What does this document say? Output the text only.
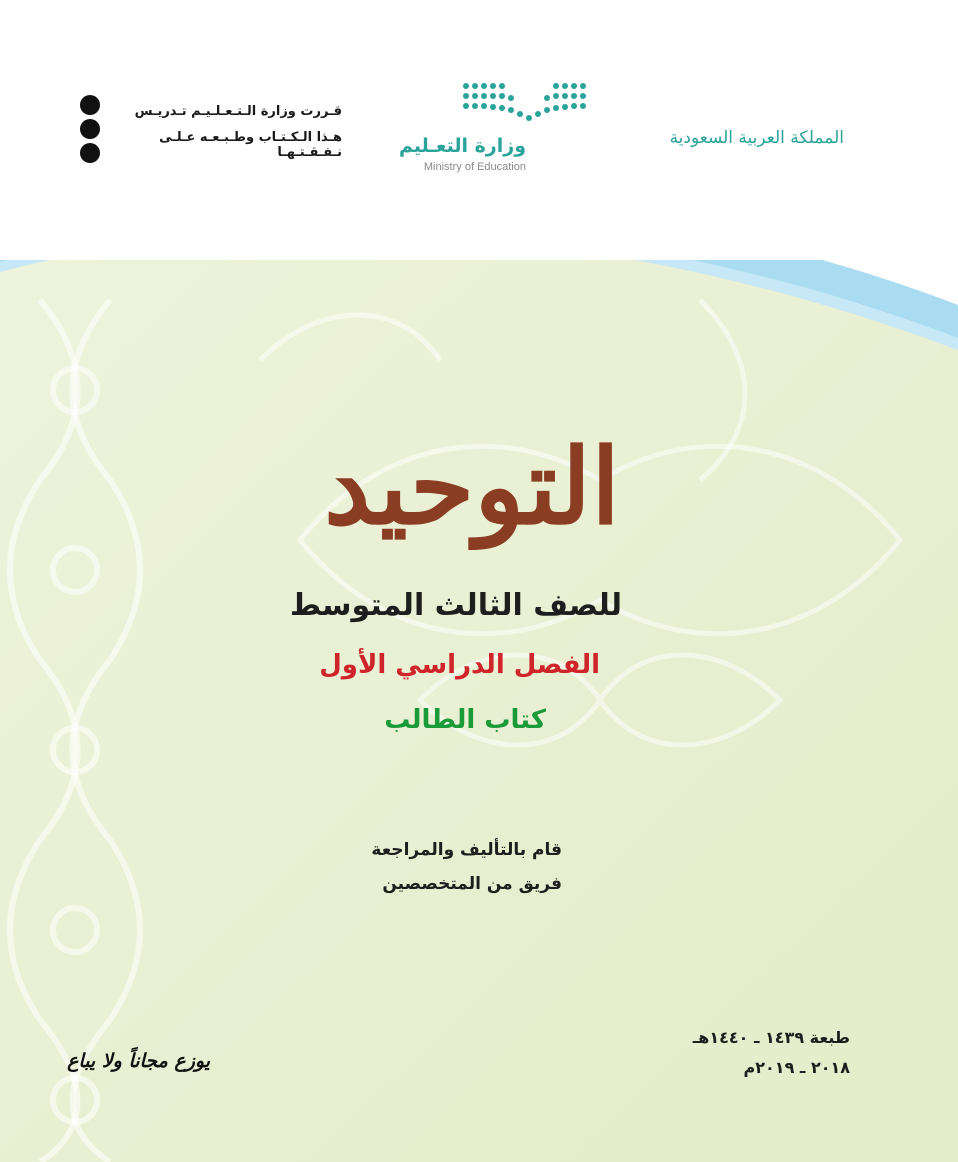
المملكة العربية السعودية
وزارة التعـليم
Ministry of Education
قـررت وزارة الـتـعـلـيـم تـدريـس
هـذا الـكـتـاب وطـبـعـه عـلـى نـفـقـتـهـا
التوحيد
للصف الثالث المتوسط
الفصل الدراسي الأول
كتاب الطالب
قام بالتأليف والمراجعة
فريق من المتخصصين
طبعة ١٤٣٩ ـ ١٤٤٠هـ
٢٠١٨ ـ ٢٠١٩م
يوزع مجاناً ولا يباع
